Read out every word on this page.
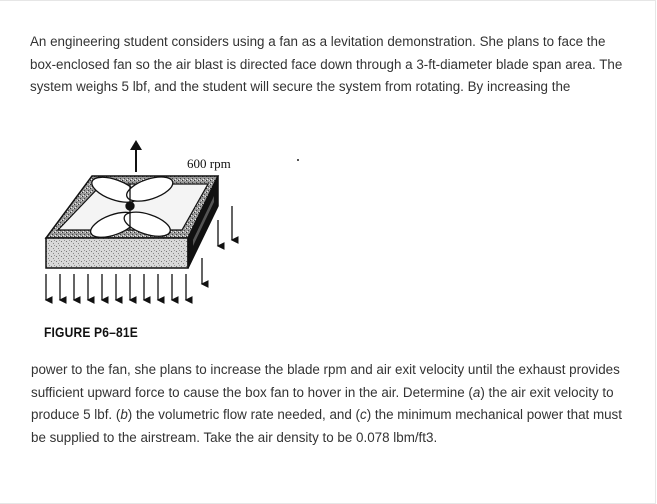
An engineering student considers using a fan as a levitation demonstration. She plans to face the box-enclosed fan so the air blast is directed face down through a 3-ft-diameter blade span area. The system weighs 5 lbf, and the student will secure the system from rotating. By increasing the

600 rpm
FIGURE P6–81E

power to the fan, she plans to increase the blade rpm and air exit velocity until the exhaust provides sufficient upward force to cause the box fan to hover in the air. Determine (a) the air exit velocity to produce 5 lbf. (b) the volumetric flow rate needed, and (c) the minimum mechanical power that must be supplied to the airstream. Take the air density to be 0.078 lbm/ft3.
